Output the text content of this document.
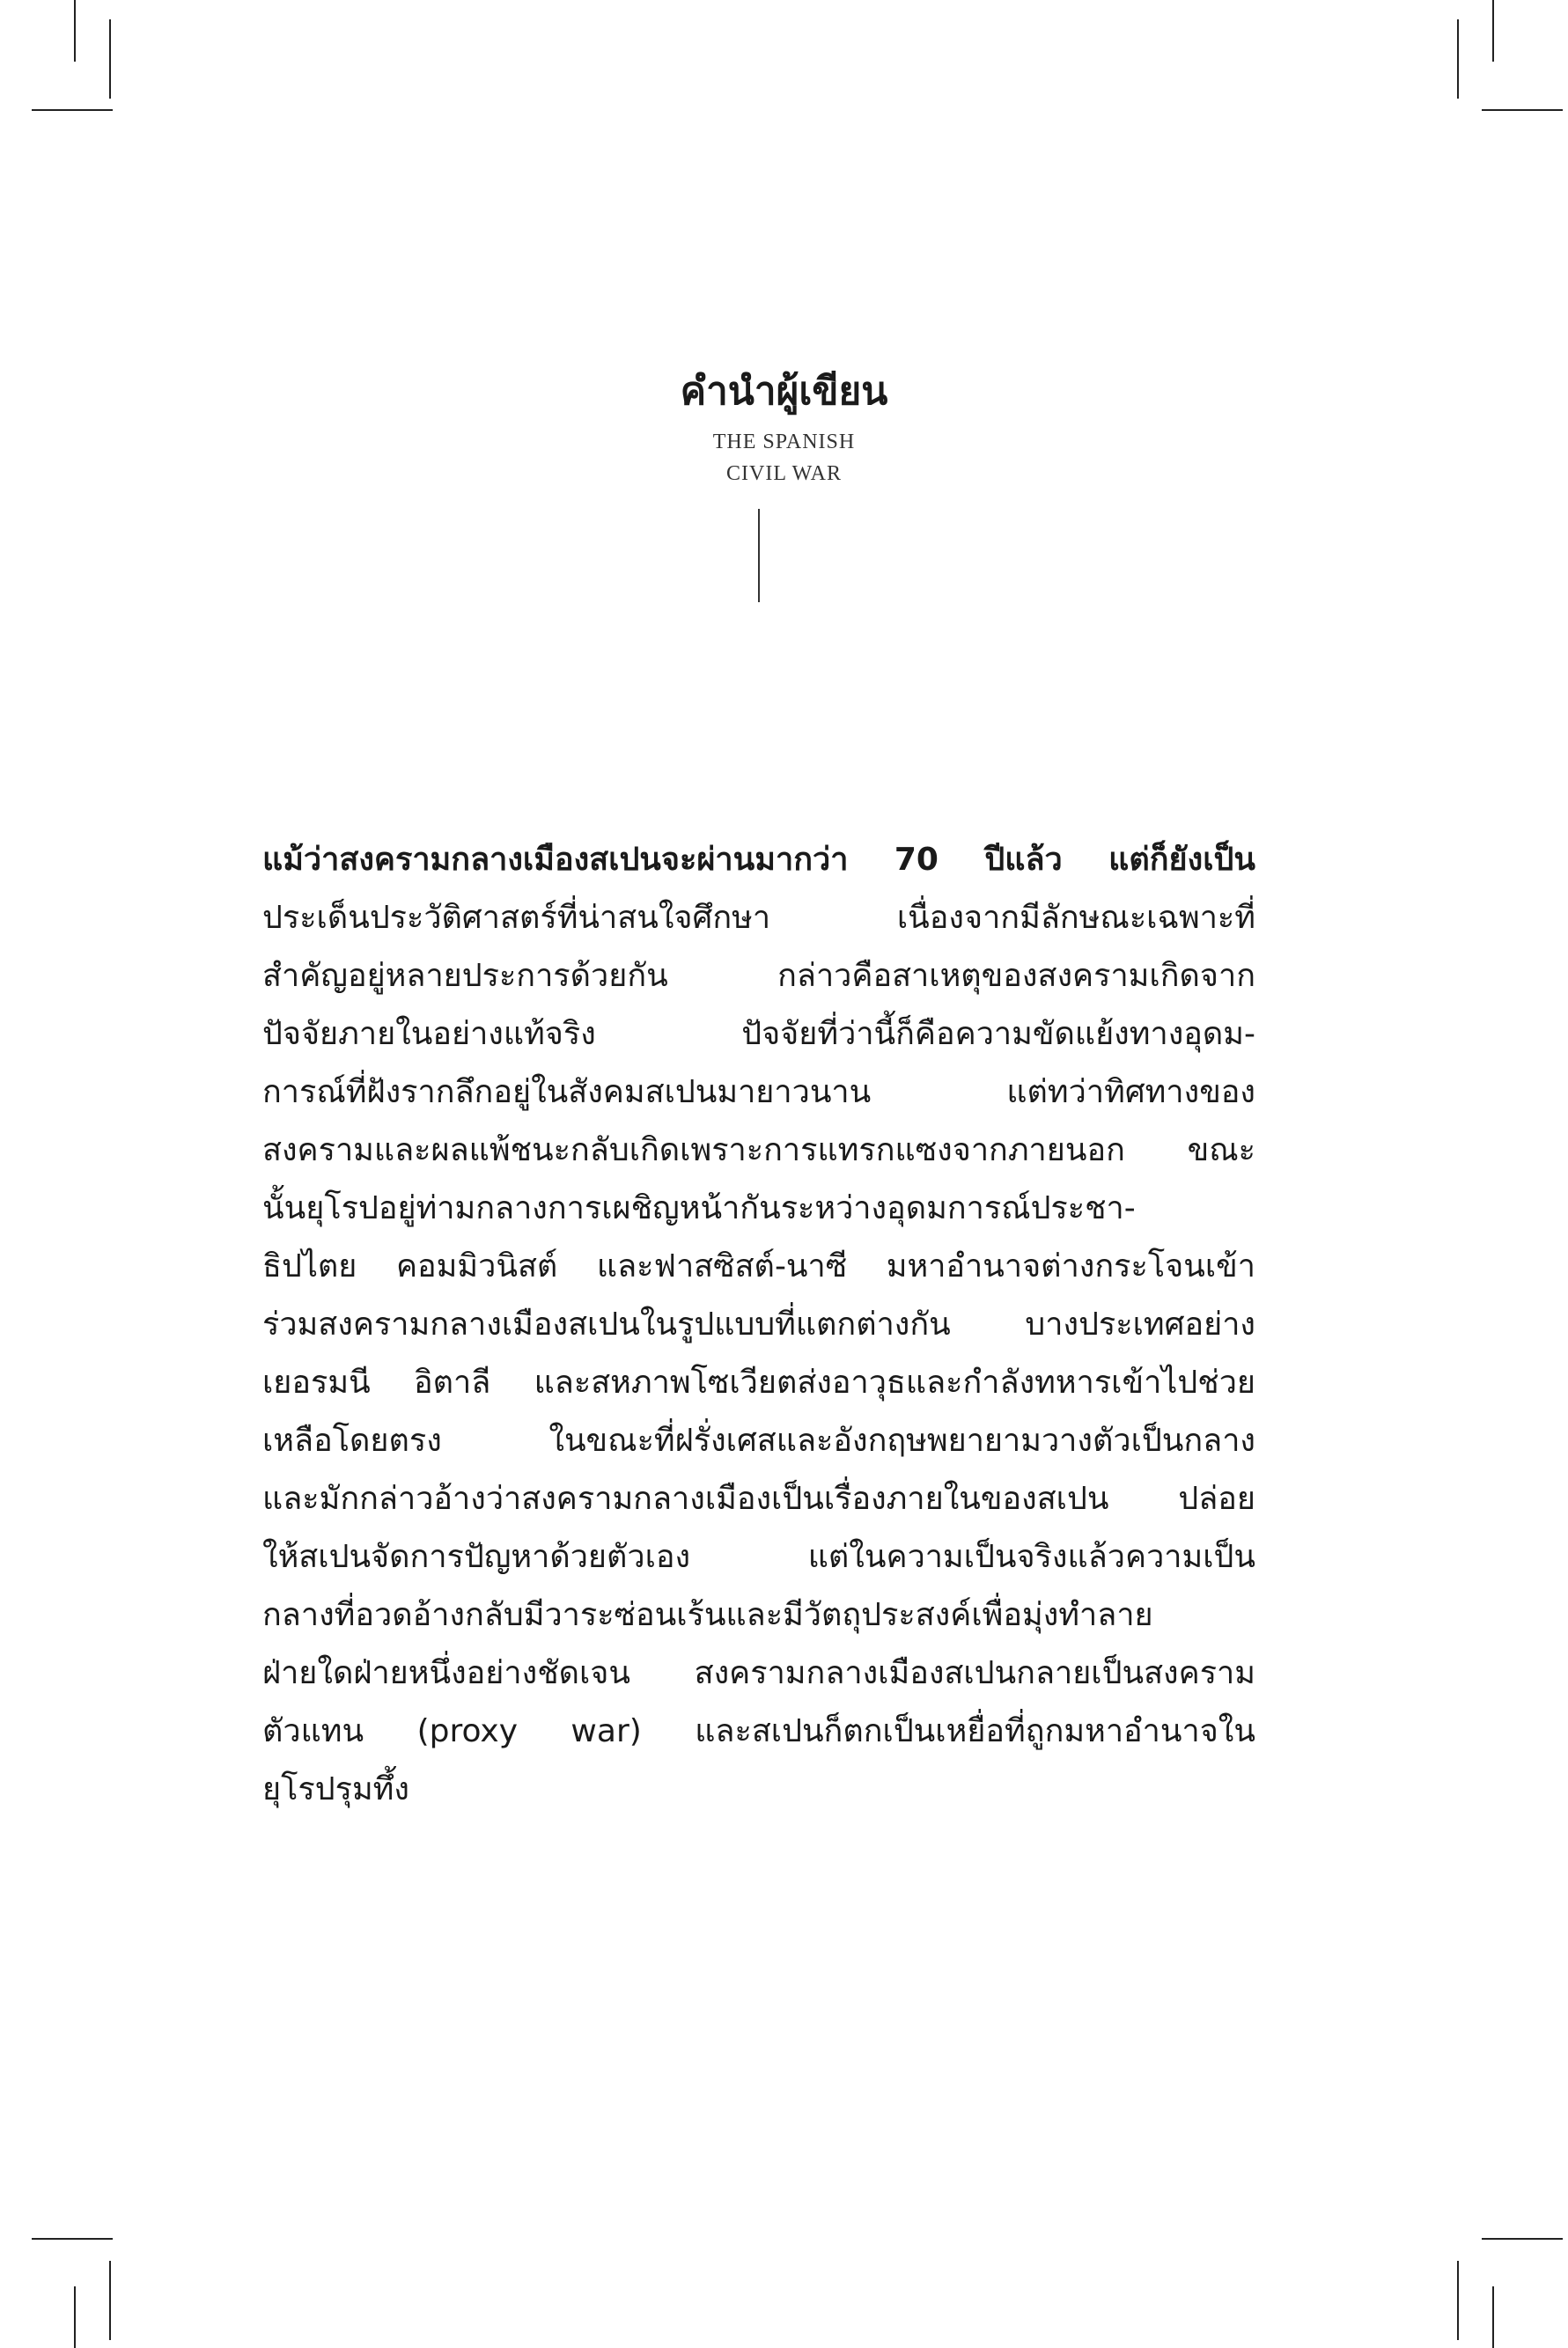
คำนำผู้เขียน
THE SPANISH
CIVIL WAR
แม้ว่าสงครามกลางเมืองสเปนจะผ่านมากว่า 70 ปีแล้ว แต่ก็ยังเป็น
ประเด็นประวัติศาสตร์ที่น่าสนใจศึกษา เนื่องจากมีลักษณะเฉพาะที่
สำคัญอยู่หลายประการด้วยกัน กล่าวคือสาเหตุของสงครามเกิดจาก
ปัจจัยภายในอย่างแท้จริง ปัจจัยที่ว่านี้ก็คือความขัดแย้งทางอุดม-
การณ์ที่ฝังรากลึกอยู่ในสังคมสเปนมายาวนาน แต่ทว่าทิศทางของ
สงครามและผลแพ้ชนะกลับเกิดเพราะการแทรกแซงจากภายนอก ขณะ
นั้นยุโรปอยู่ท่ามกลางการเผชิญหน้ากันระหว่างอุดมการณ์ประชา-
ธิปไตย คอมมิวนิสต์ และฟาสซิสต์-นาซี มหาอำนาจต่างกระโจนเข้า
ร่วมสงครามกลางเมืองสเปนในรูปแบบที่แตกต่างกัน บางประเทศอย่าง
เยอรมนี อิตาลี และสหภาพโซเวียตส่งอาวุธและกำลังทหารเข้าไปช่วย
เหลือโดยตรง ในขณะที่ฝรั่งเศสและอังกฤษพยายามวางตัวเป็นกลาง
และมักกล่าวอ้างว่าสงครามกลางเมืองเป็นเรื่องภายในของสเปน ปล่อย
ให้สเปนจัดการปัญหาด้วยตัวเอง แต่ในความเป็นจริงแล้วความเป็น
กลางที่อวดอ้างกลับมีวาระซ่อนเร้นและมีวัตถุประสงค์เพื่อมุ่งทำลาย
ฝ่ายใดฝ่ายหนึ่งอย่างชัดเจน สงครามกลางเมืองสเปนกลายเป็นสงคราม
ตัวแทน (proxy war) และสเปนก็ตกเป็นเหยื่อที่ถูกมหาอำนาจใน
ยุโรปรุมทึ้ง
